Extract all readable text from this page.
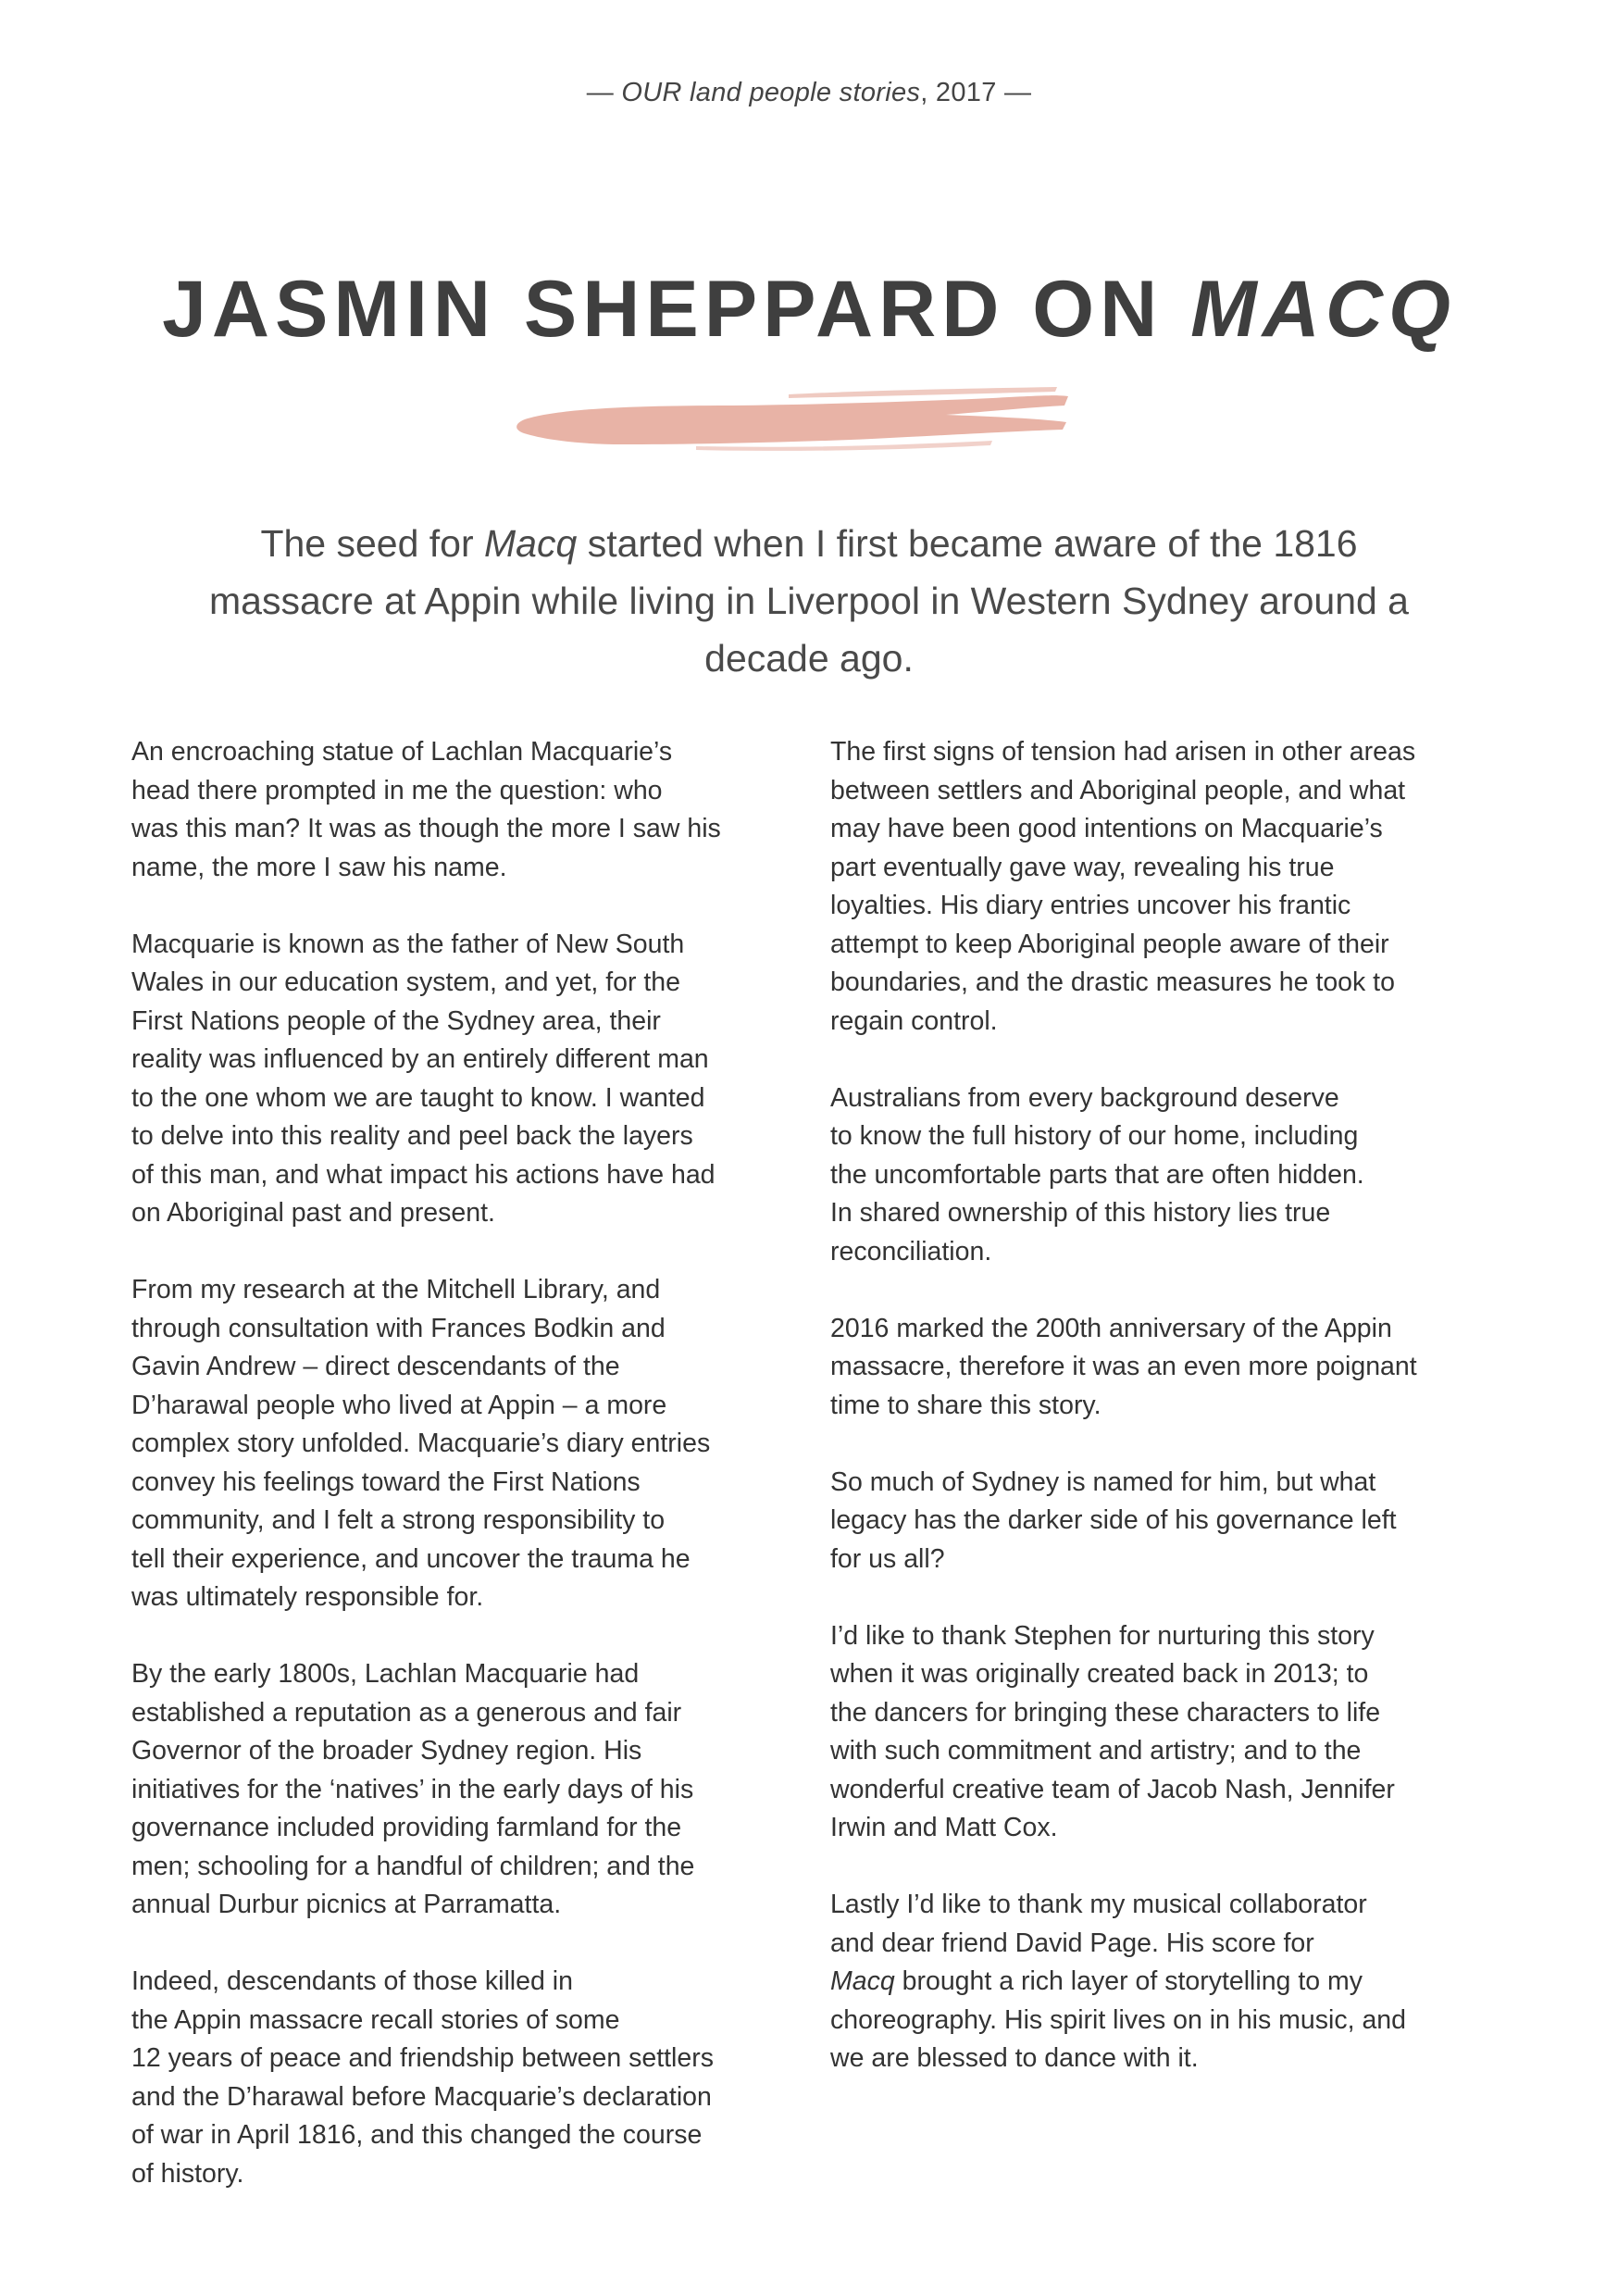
— OUR land people stories, 2017 —
JASMIN SHEPPARD ON MACQ

The seed for Macq started when I first became aware of the 1816 massacre at Appin while living in Liverpool in Western Sydney around a decade ago.

An encroaching statue of Lachlan Macquarie’s
head there prompted in me the question: who
was this man? It was as though the more I saw his
name, the more I saw his name.

Macquarie is known as the father of New South
Wales in our education system, and yet, for the
First Nations people of the Sydney area, their
reality was influenced by an entirely different man
to the one whom we are taught to know. I wanted
to delve into this reality and peel back the layers
of this man, and what impact his actions have had
on Aboriginal past and present.

From my research at the Mitchell Library, and
through consultation with Frances Bodkin and
Gavin Andrew – direct descendants of the
D’harawal people who lived at Appin – a more
complex story unfolded. Macquarie’s diary entries
convey his feelings toward the First Nations
community, and I felt a strong responsibility to
tell their experience, and uncover the trauma he
was ultimately responsible for.

By the early 1800s, Lachlan Macquarie had
established a reputation as a generous and fair
Governor of the broader Sydney region. His
initiatives for the ‘natives’ in the early days of his
governance included providing farmland for the
men; schooling for a handful of children; and the
annual Durbur picnics at Parramatta.

Indeed, descendants of those killed in
the Appin massacre recall stories of some
12 years of peace and friendship between settlers
and the D’harawal before Macquarie’s declaration
of war in April 1816, and this changed the course
of history.

The first signs of tension had arisen in other areas
between settlers and Aboriginal people, and what
may have been good intentions on Macquarie’s
part eventually gave way, revealing his true
loyalties. His diary entries uncover his frantic
attempt to keep Aboriginal people aware of their
boundaries, and the drastic measures he took to
regain control.

Australians from every background deserve
to know the full history of our home, including
the uncomfortable parts that are often hidden.
In shared ownership of this history lies true
reconciliation.

2016 marked the 200th anniversary of the Appin
massacre, therefore it was an even more poignant
time to share this story.

So much of Sydney is named for him, but what
legacy has the darker side of his governance left
for us all?

I’d like to thank Stephen for nurturing this story
when it was originally created back in 2013; to
the dancers for bringing these characters to life
with such commitment and artistry; and to the
wonderful creative team of Jacob Nash, Jennifer
Irwin and Matt Cox.

Lastly I’d like to thank my musical collaborator
and dear friend David Page. His score for
Macq brought a rich layer of storytelling to my
choreography. His spirit lives on in his music, and
we are blessed to dance with it.
